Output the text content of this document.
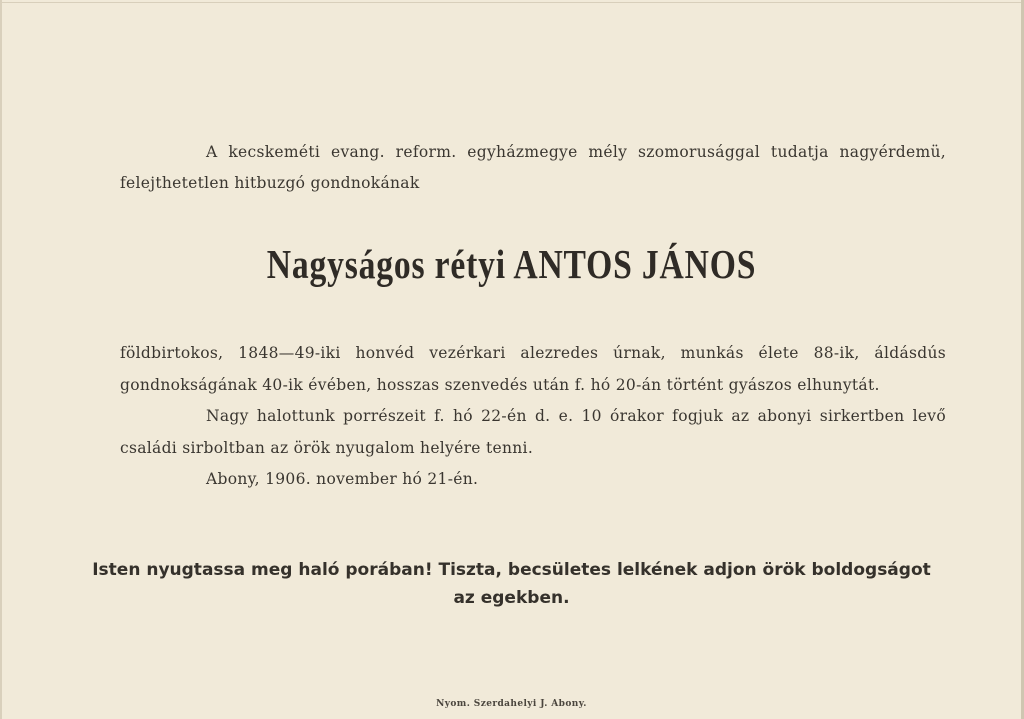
A kecskeméti evang. reform. egyházmegye mély szomorusággal tudatja nagyérdemü, felejthetetlen hitbuzgó gondnokának
Nagyságos rétyi ANTOS JÁNOS

földbirtokos, 1848—49-iki honvéd vezérkari alezredes úrnak, munkás élete 88-ik, áldásdús gondnokságának 40-ik évében, hosszas szenvedés után f. hó 20-án történt gyászos elhunytát.

Nagy halottunk porrészeit f. hó 22-én d. e. 10 órakor fogjuk az abonyi sirkertben levő családi sirboltban az örök nyugalom helyére tenni.

Abony, 1906. november hó 21-én.

Isten nyugtassa meg haló porában! Tiszta, becsületes lelkének adjon örök boldogságot az egekben.
Nyom. Szerdahelyi J. Abony.
